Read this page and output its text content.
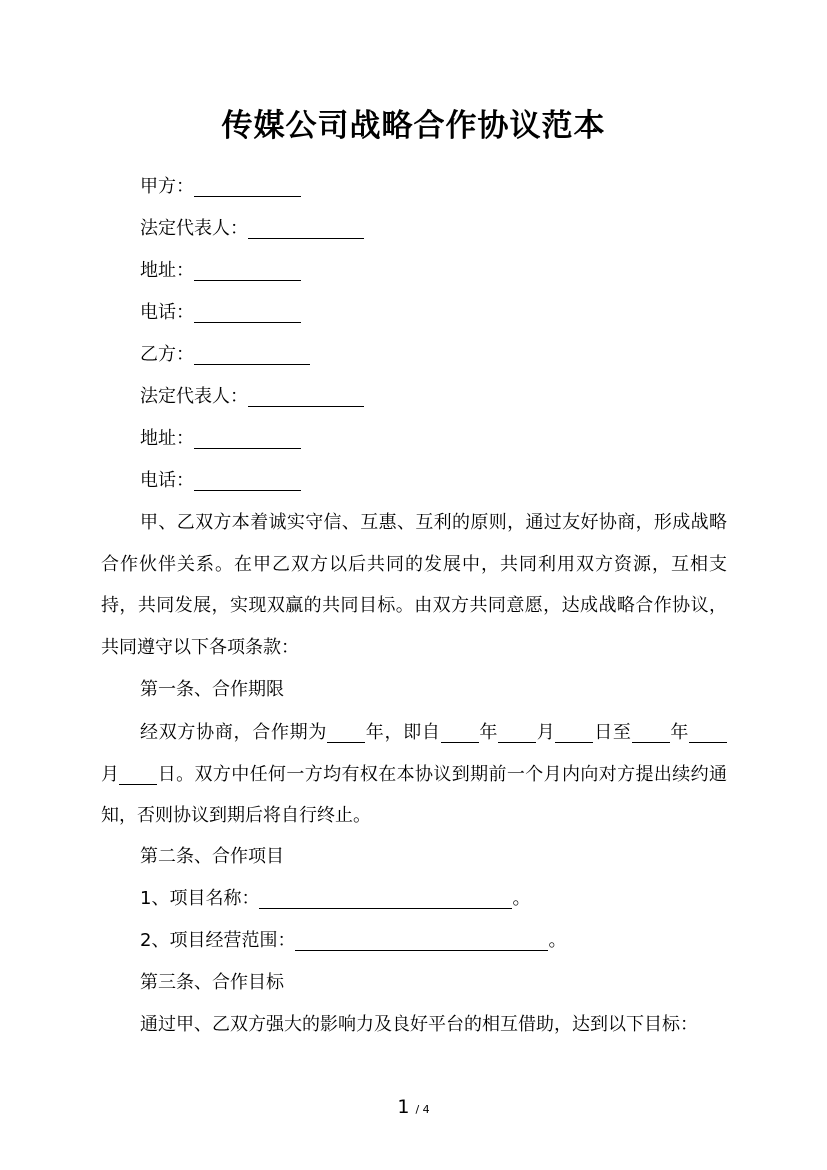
传媒公司战略合作协议范本
甲方：
法定代表人：
地址：
电话：
乙方：
法定代表人：
地址：
电话：
甲、乙双方本着诚实守信、互惠、互利的原则，通过友好协商，形成战略合作伙伴关系。在甲乙双方以后共同的发展中，共同利用双方资源，互相支持，共同发展，实现双赢的共同目标。由双方共同意愿，达成战略合作协议，共同遵守以下各项条款：
第一条、合作期限
经双方协商，合作期为 年，即自 年 月 日至 年月 日。双方中任何一方均有权在本协议到期前一个月内向对方提出续约通知，否则协议到期后将自行终止。
第二条、合作项目
1、项目名称：	。
2、项目经营范围：	。
第三条、合作目标
通过甲、乙双方强大的影响力及良好平台的相互借助，达到以下目标：
1 / 4
